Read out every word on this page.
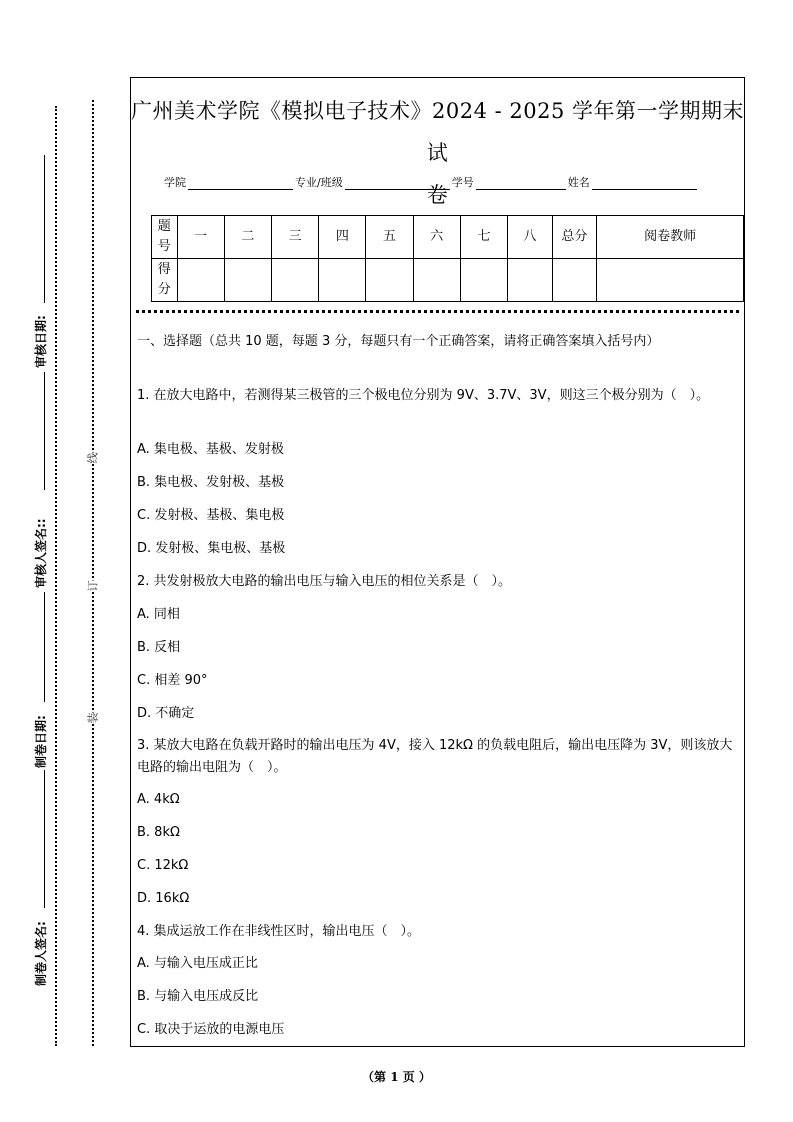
审核日期:
审核人签名::
制卷日期:
制卷人签名:
线
订
装
广州美术学院《模拟电子技术》2024 - 2025 学年第一学期期末试
卷
学院	专业/班级	学号	姓名
题号	一	二	三	四	五	六	七	八	总分	阅卷教师
得分										

一、选择题（总共 10 题，每题 3 分，每题只有一个正确答案，请将正确答案填入括号内）

1. 在放大电路中，若测得某三极管的三个极电位分别为 9V、3.7V、3V，则这三个极分别为（　）。

A. 集电极、基极、发射极

B. 集电极、发射极、基极

C. 发射极、基极、集电极

D. 发射极、集电极、基极

2. 共发射极放大电路的输出电压与输入电压的相位关系是（　）。

A. 同相

B. 反相

C. 相差 90°

D. 不确定

3. 某放大电路在负载开路时的输出电压为 4V，接入 12kΩ 的负载电阻后，输出电压降为 3V，则该放大电路的输出电阻为（　）。

A. 4kΩ

B. 8kΩ

C. 12kΩ

D. 16kΩ

4. 集成运放工作在非线性区时，输出电压（　）。

A. 与输入电压成正比

B. 与输入电压成反比

C. 取决于运放的电源电压

（第 1 页 ）
